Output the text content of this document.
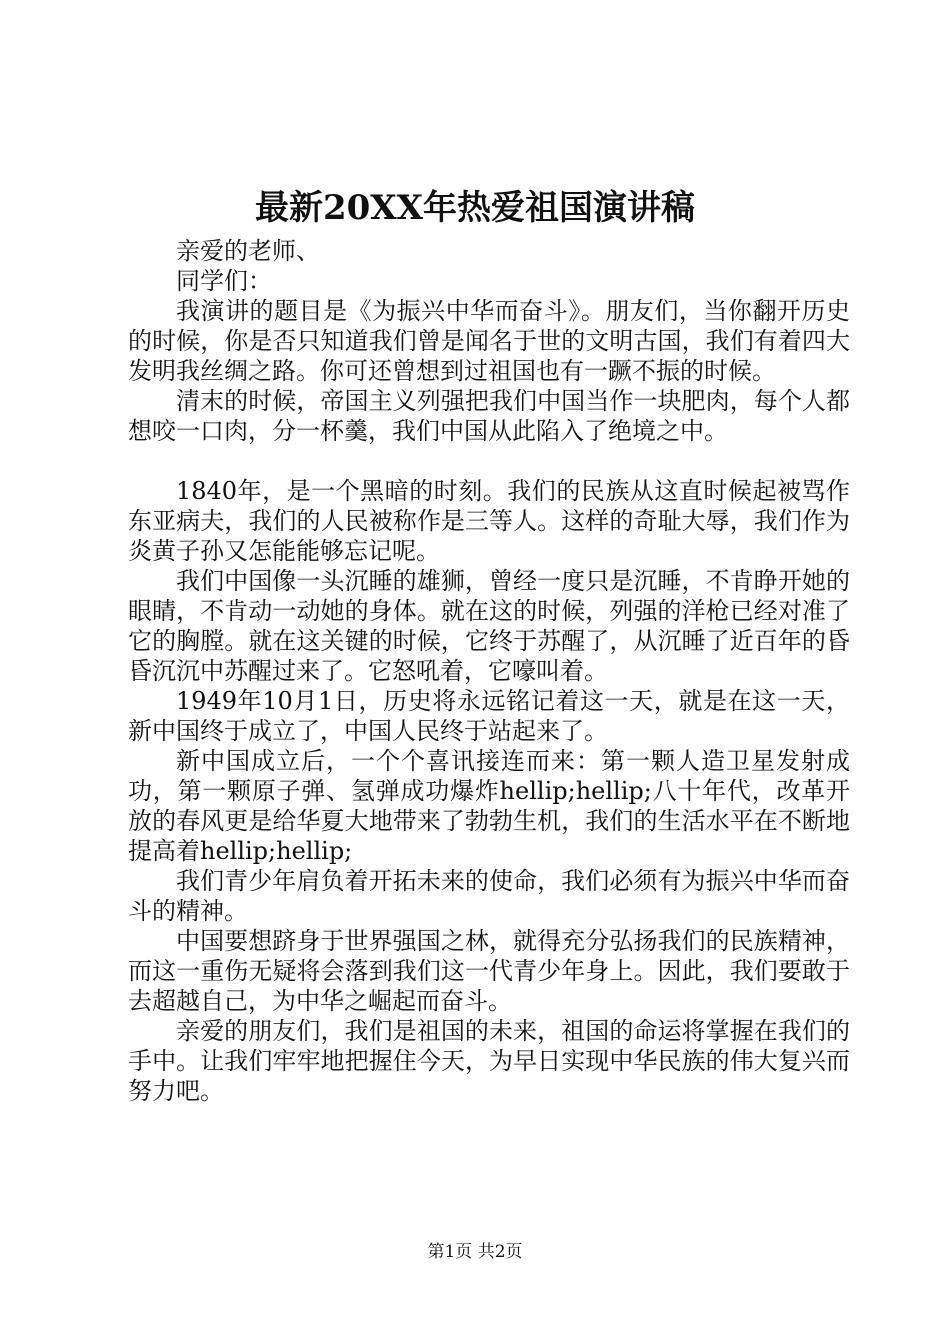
最新20XX年热爱祖国演讲稿

亲爱的老师、

同学们：

我演讲的题目是《为振兴中华而奋斗》。朋友们，当你翻开历史的时候，你是否只知道我们曾是闻名于世的文明古国，我们有着四大发明我丝绸之路。你可还曾想到过祖国也有一蹶不振的时候。

清末的时候，帝国主义列强把我们中国当作一块肥肉，每个人都想咬一口肉，分一杯羹，我们中国从此陷入了绝境之中。

1840年，是一个黑暗的时刻。我们的民族从这直时候起被骂作东亚病夫，我们的人民被称作是三等人。这样的奇耻大辱，我们作为炎黄子孙又怎能能够忘记呢。

我们中国像一头沉睡的雄狮，曾经一度只是沉睡，不肯睁开她的眼睛，不肯动一动她的身体。就在这的时候，列强的洋枪已经对准了它的胸膛。就在这关键的时候，它终于苏醒了，从沉睡了近百年的昏昏沉沉中苏醒过来了。它怒吼着，它嚎叫着。

1949年10月1日，历史将永远铭记着这一天，就是在这一天，新中国终于成立了，中国人民终于站起来了。

新中国成立后，一个个喜讯接连而来：第一颗人造卫星发射成功，第一颗原子弹、氢弹成功爆炸hellip;hellip;八十年代，改革开放的春风更是给华夏大地带来了勃勃生机，我们的生活水平在不断地提高着hellip;hellip;

我们青少年肩负着开拓未来的使命，我们必须有为振兴中华而奋斗的精神。

中国要想跻身于世界强国之林，就得充分弘扬我们的民族精神，而这一重伤无疑将会落到我们这一代青少年身上。因此，我们要敢于去超越自己，为中华之崛起而奋斗。

亲爱的朋友们，我们是祖国的未来，祖国的命运将掌握在我们的手中。让我们牢牢地把握住今天，为早日实现中华民族的伟大复兴而努力吧。

第1页 共2页
